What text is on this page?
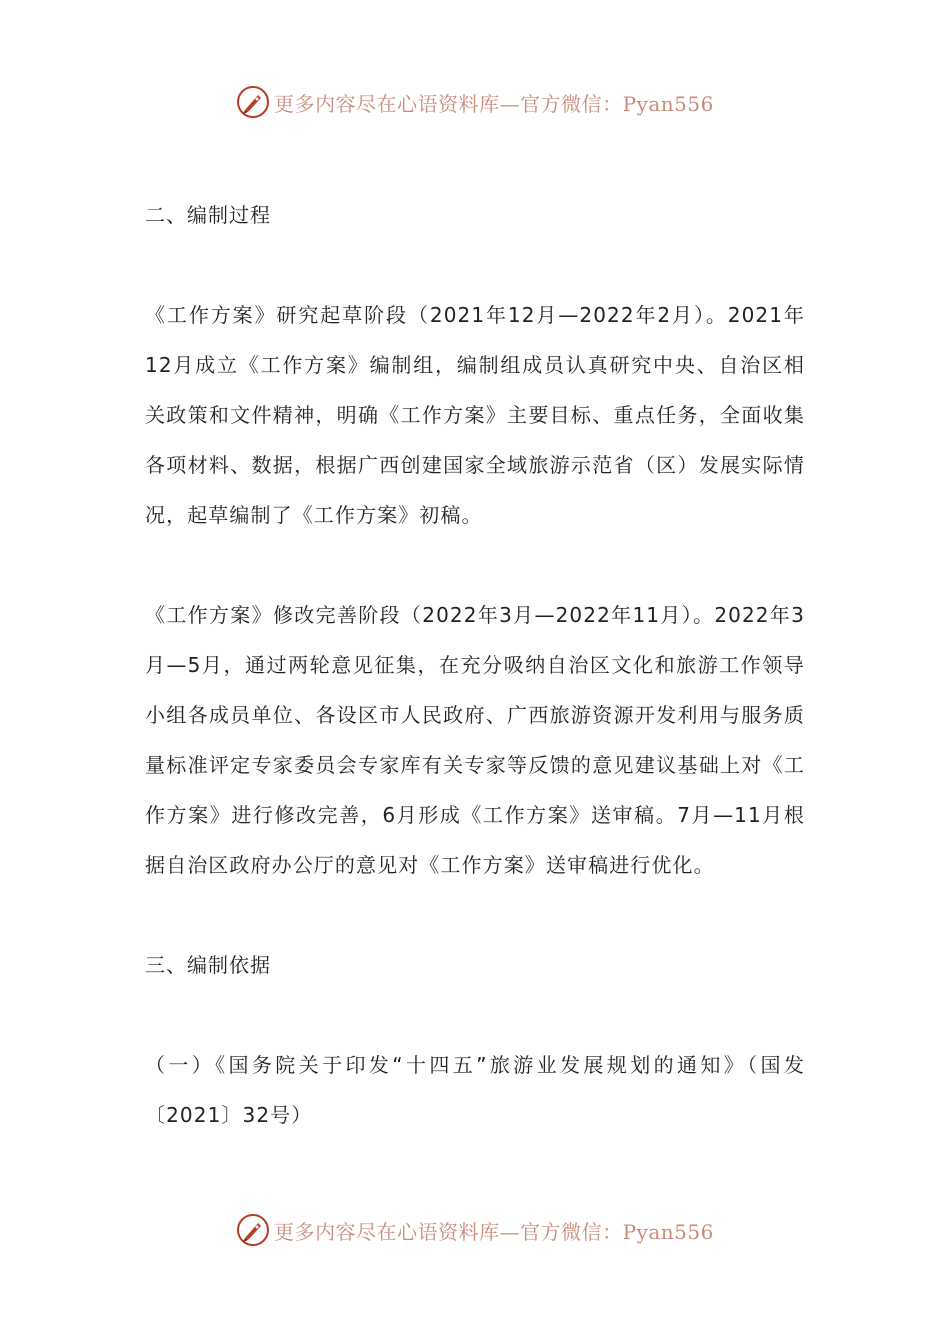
更多内容尽在心语资料库—官方微信：Pyan556

二、编制过程

《工作方案》研究起草阶段（2021年12月—2022年2月）。2021年12月成立《工作方案》编制组，编制组成员认真研究中央、自治区相关政策和文件精神，明确《工作方案》主要目标、重点任务，全面收集各项材料、数据，根据广西创建国家全域旅游示范省（区）发展实际情况，起草编制了《工作方案》初稿。

《工作方案》修改完善阶段（2022年3月—2022年11月）。2022年3月—5月，通过两轮意见征集，在充分吸纳自治区文化和旅游工作领导小组各成员单位、各设区市人民政府、广西旅游资源开发利用与服务质量标准评定专家委员会专家库有关专家等反馈的意见建议基础上对《工作方案》进行修改完善，6月形成《工作方案》送审稿。7月—11月根据自治区政府办公厅的意见对《工作方案》送审稿进行优化。

三、编制依据

（一）《国务院关于印发“十四五”旅游业发展规划的通知》（国发〔2021〕32号）

更多内容尽在心语资料库—官方微信：Pyan556
